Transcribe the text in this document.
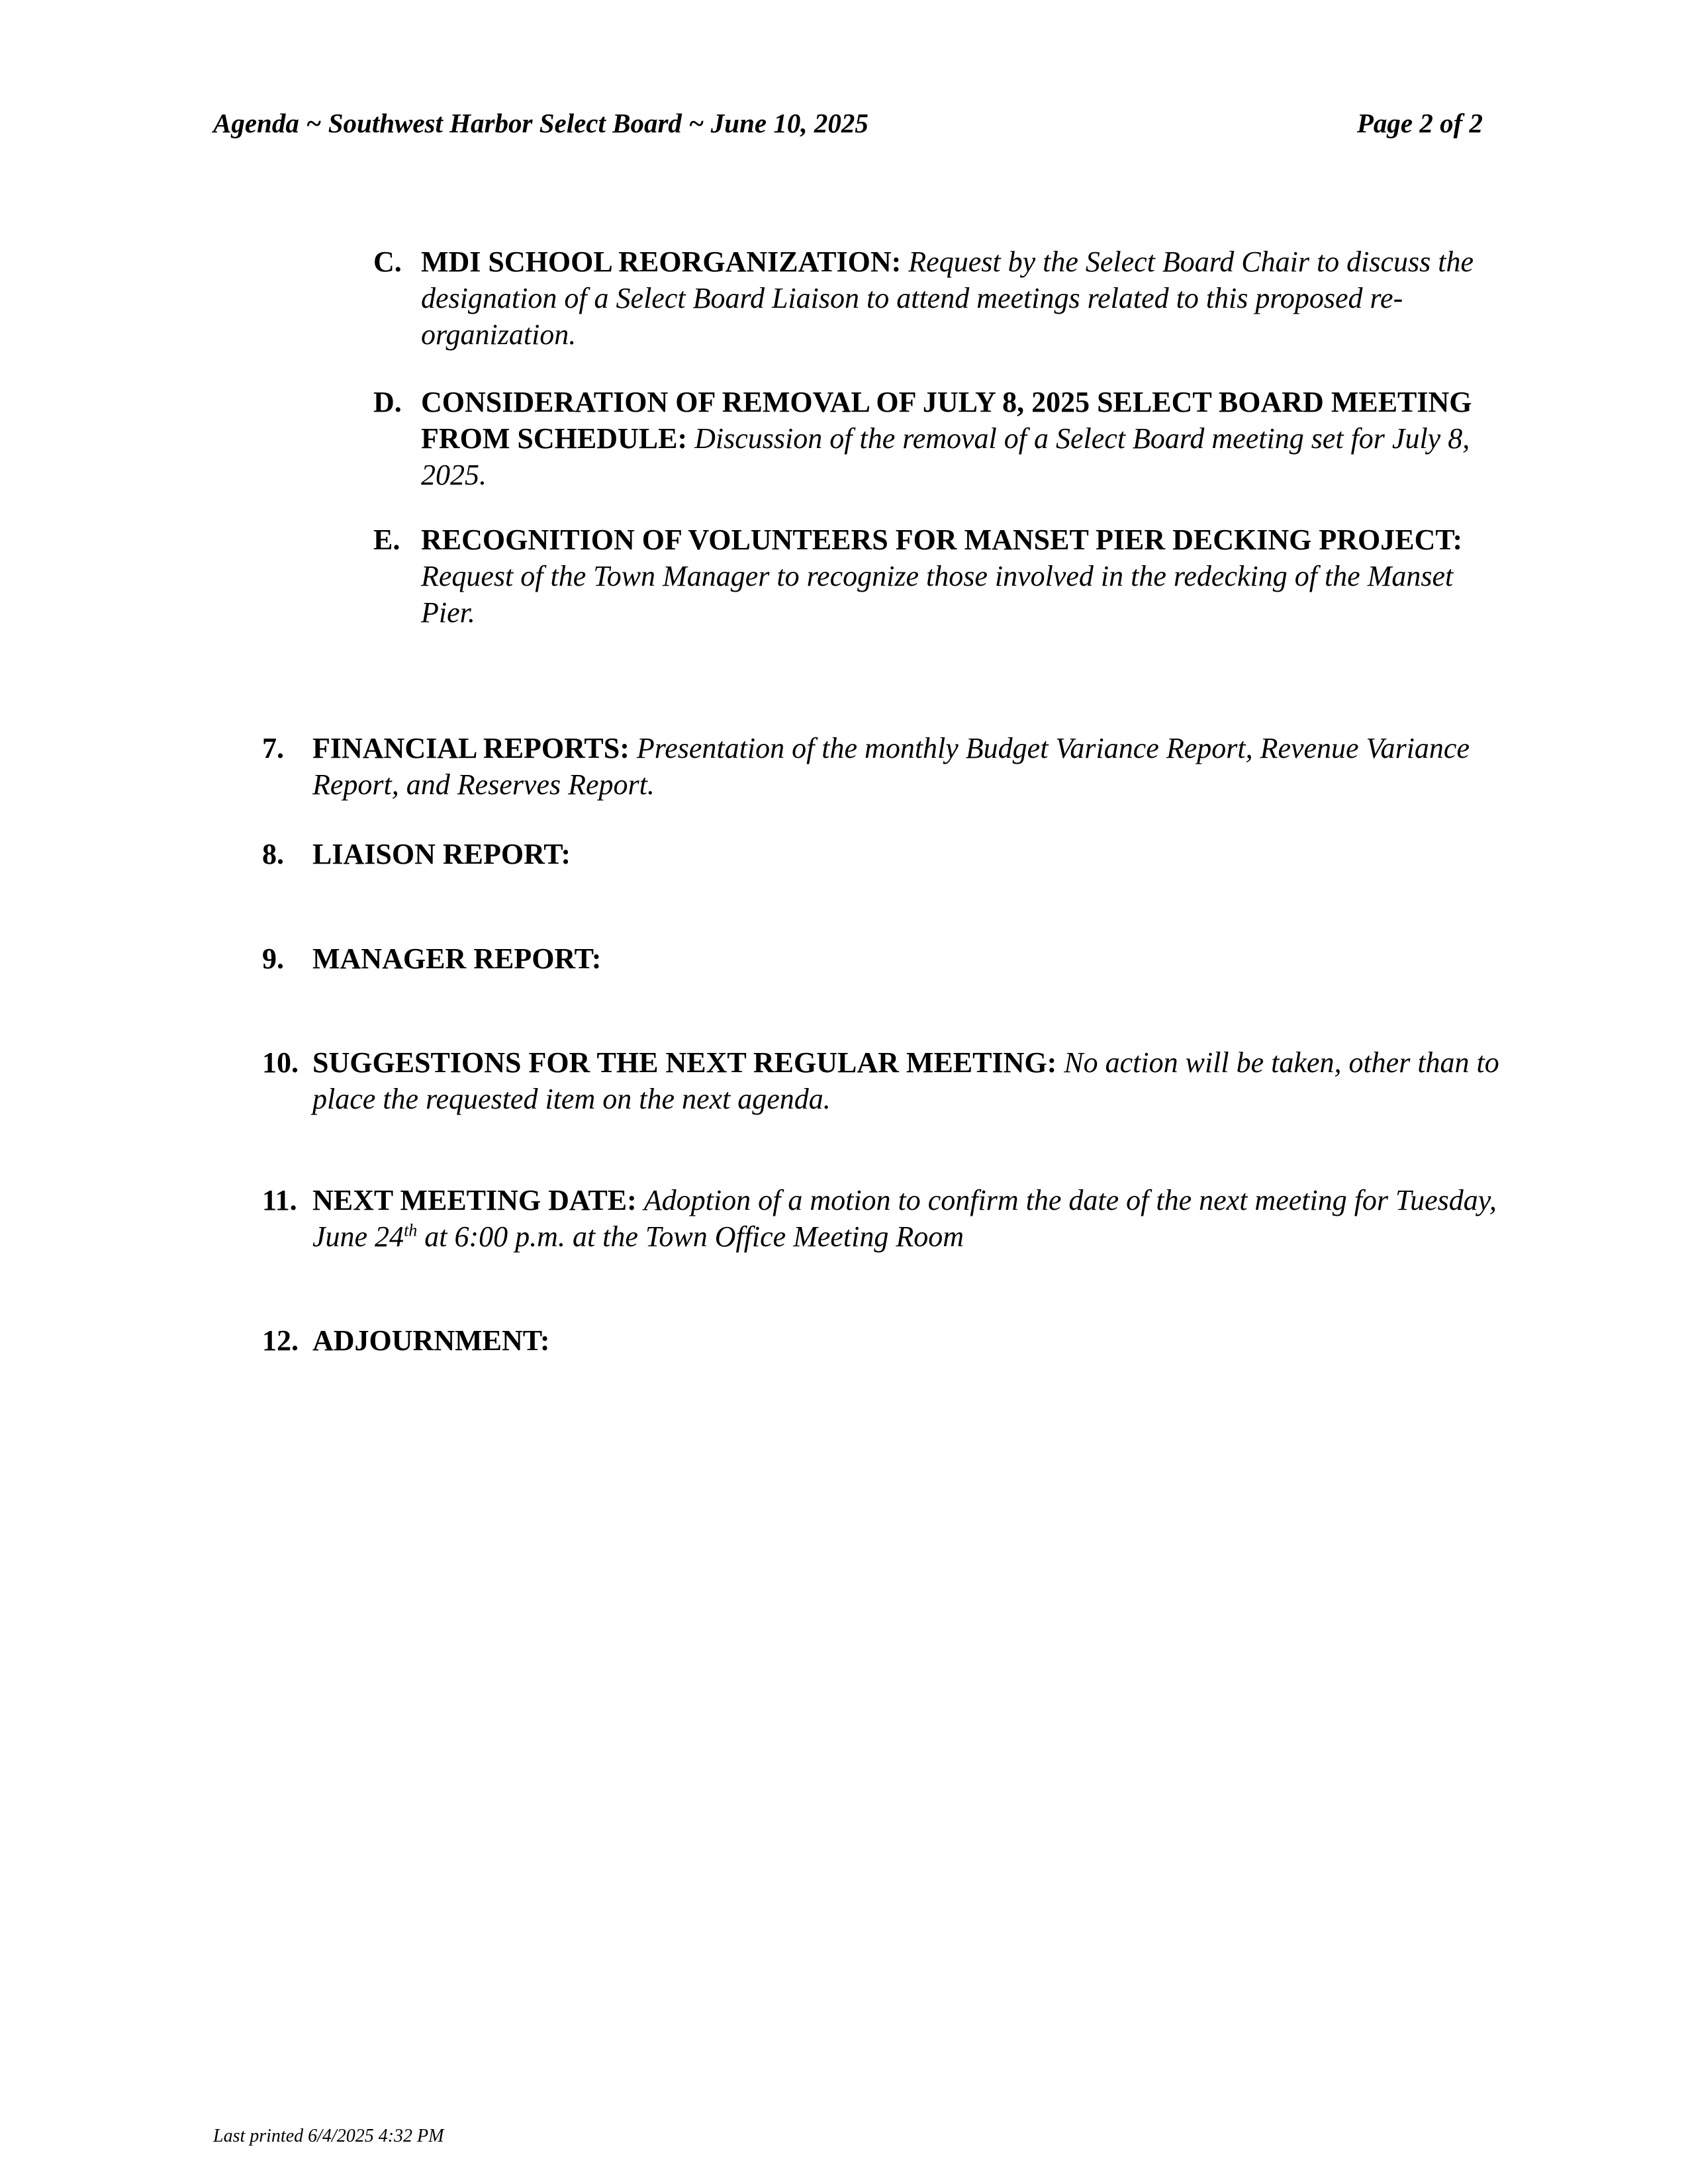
Agenda ~ Southwest Harbor Select Board ~ June 10, 2025	Page 2 of 2
C. MDI SCHOOL REORGANIZATION: Request by the Select Board Chair to discuss the designation of a Select Board Liaison to attend meetings related to this proposed re-organization.
D. CONSIDERATION OF REMOVAL OF JULY 8, 2025 SELECT BOARD MEETING FROM SCHEDULE: Discussion of the removal of a Select Board meeting set for July 8, 2025.
E. RECOGNITION OF VOLUNTEERS FOR MANSET PIER DECKING PROJECT: Request of the Town Manager to recognize those involved in the redecking of the Manset Pier.
7. FINANCIAL REPORTS: Presentation of the monthly Budget Variance Report, Revenue Variance Report, and Reserves Report.
8. LIAISON REPORT:
9. MANAGER REPORT:
10. SUGGESTIONS FOR THE NEXT REGULAR MEETING: No action will be taken, other than to place the requested item on the next agenda.
11. NEXT MEETING DATE: Adoption of a motion to confirm the date of the next meeting for Tuesday, June 24th at 6:00 p.m. at the Town Office Meeting Room
12. ADJOURNMENT:
Last printed 6/4/2025 4:32 PM
